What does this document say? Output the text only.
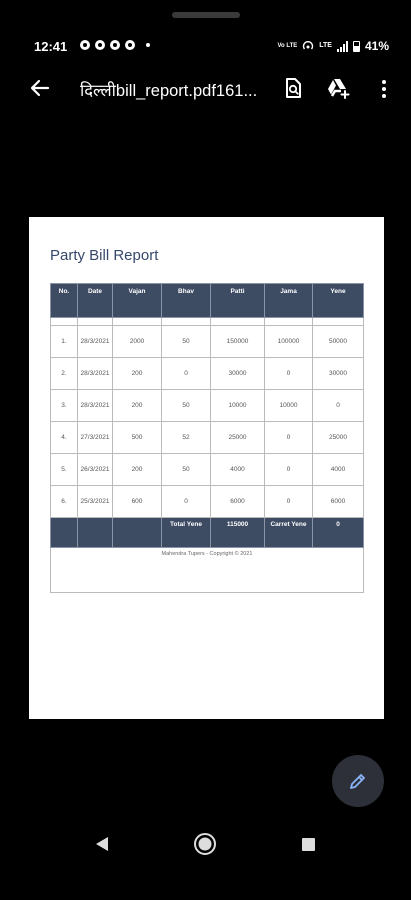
12:41	Vo LTE	LTE	41%
दिल्लीbill_report.pdf161...
Party Bill Report
No.	Date	Vajan	Bhav	Patti	Jama	Yene

1.	28/3/2021	2000	50	150000	100000	50000
2.	28/3/2021	200	0	30000	0	30000
3.	28/3/2021	200	50	10000	10000	0
4.	27/3/2021	500	52	25000	0	25000
5.	26/3/2021	200	50	4000	0	4000
6.	25/3/2021	600	0	6000	0	6000
			Total Yene	115000	Carret Yene	0
Mahendra Tupers - Copyright © 2021						
